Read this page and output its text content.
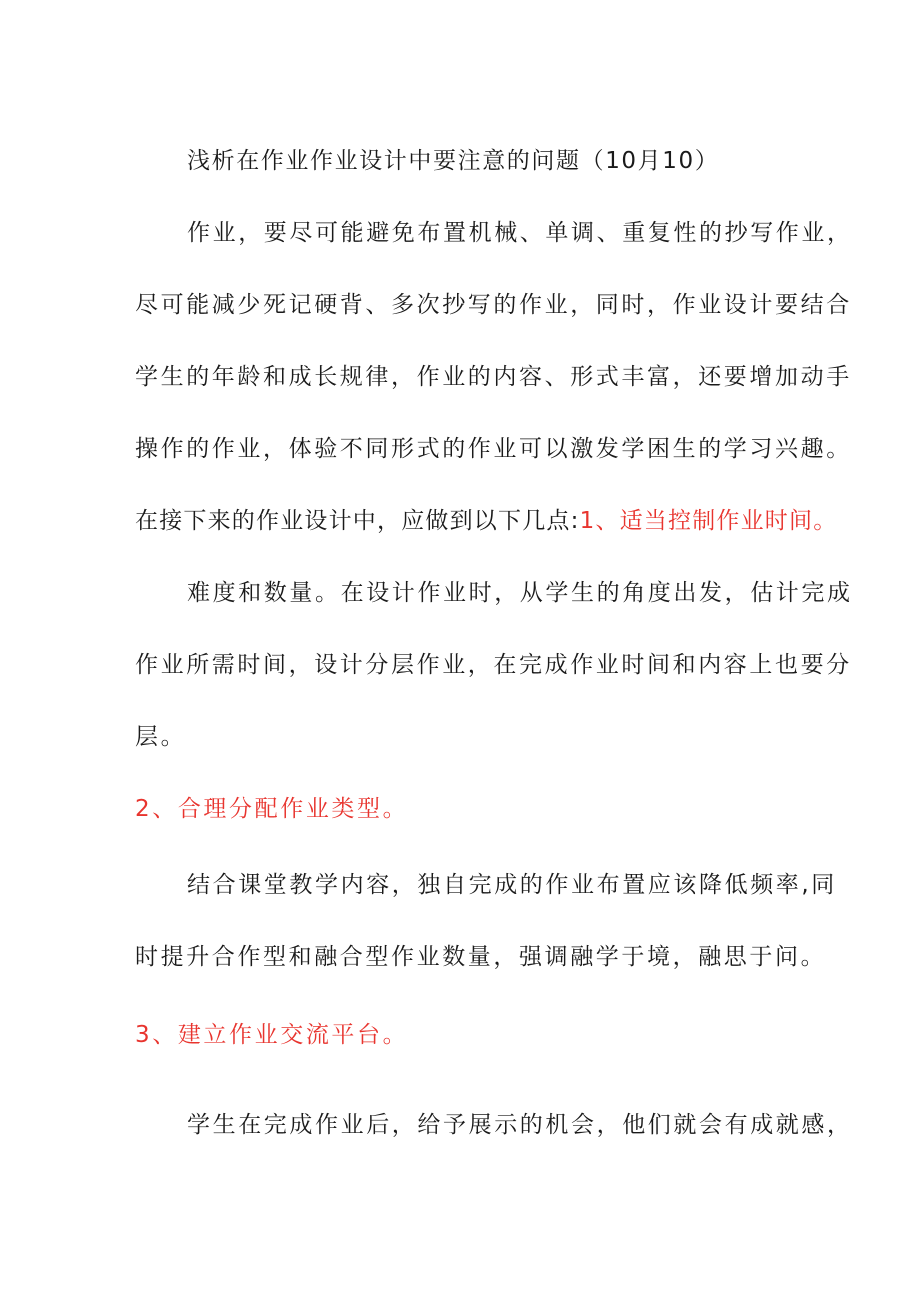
浅析在作业作业设计中要注意的问题（10月10）
作业，要尽可能避免布置机械、单调、重复性的抄写作业，
尽可能减少死记硬背、多次抄写的作业，同时，作业设计要结合
学生的年龄和成长规律，作业的内容、形式丰富，还要增加动手
操作的作业，体验不同形式的作业可以激发学困生的学习兴趣。
在接下来的作业设计中，应做到以下几点:1、适当控制作业时间。
难度和数量。在设计作业时，从学生的角度出发，估计完成
作业所需时间，设计分层作业，在完成作业时间和内容上也要分
层。
2、合理分配作业类型。
结合课堂教学内容，独自完成的作业布置应该降低频率,同
时提升合作型和融合型作业数量，强调融学于境，融思于问。
3、建立作业交流平台。
学生在完成作业后，给予展示的机会，他们就会有成就感，
